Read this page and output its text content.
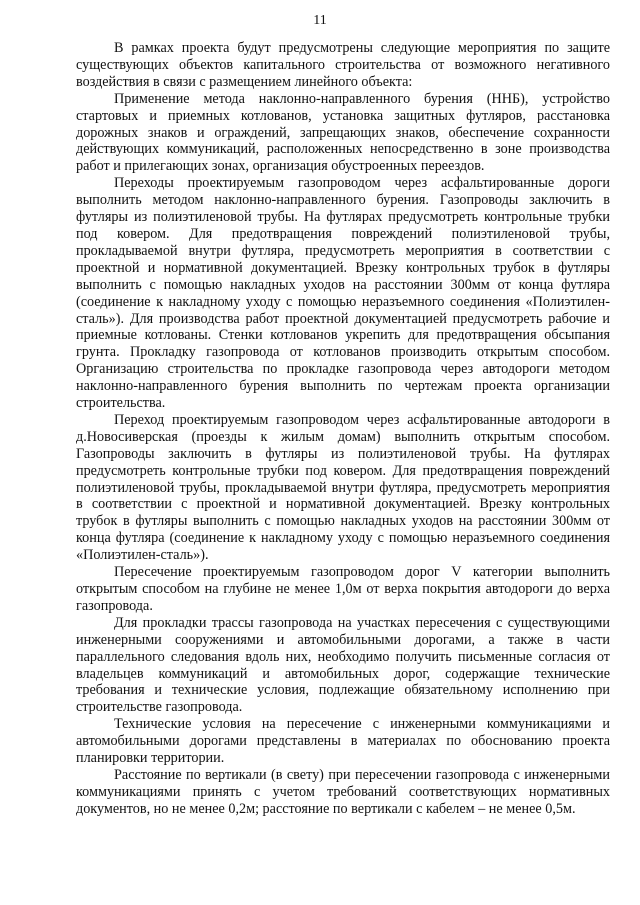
11

В рамках проекта будут предусмотрены следующие мероприятия по защите существующих объектов капитального строительства от возможного негативного воздействия в связи с размещением линейного объекта:

Применение метода наклонно-направленного бурения (ННБ), устройство стартовых и приемных котлованов, установка защитных футляров, расстановка дорожных знаков и ограждений, запрещающих знаков, обеспечение сохранности действующих коммуникаций, расположенных непосредственно в зоне производства работ и прилегающих зонах, организация обустроенных переездов.

Переходы проектируемым газопроводом через асфальтированные дороги выполнить методом наклонно-направленного бурения. Газопроводы заключить в футляры из полиэтиленовой трубы. На футлярах предусмотреть контрольные трубки под ковером. Для предотвращения повреждений полиэтиленовой трубы, прокладываемой внутри футляра, предусмотреть мероприятия в соответствии с проектной и нормативной документацией. Врезку контрольных трубок в футляры выполнить с помощью накладных уходов на расстоянии 300мм от конца футляра (соединение к накладному уходу с помощью неразъемного соединения «Полиэтилен-сталь»). Для производства работ проектной документацией предусмотреть рабочие и приемные котлованы. Стенки котлованов укрепить для предотвращения обсыпания грунта. Прокладку газопровода от котлованов производить открытым способом. Организацию строительства по прокладке газопровода через автодороги методом наклонно-направленного бурения выполнить по чертежам проекта организации строительства.

Переход проектируемым газопроводом через асфальтированные автодороги в д.Новосиверская (проезды к жилым домам) выполнить открытым способом. Газопроводы заключить в футляры из полиэтиленовой трубы. На футлярах предусмотреть контрольные трубки под ковером. Для предотвращения повреждений полиэтиленовой трубы, прокладываемой внутри футляра, предусмотреть мероприятия в соответствии с проектной и нормативной документацией. Врезку контрольных трубок в футляры выполнить с помощью накладных уходов на расстоянии 300мм от конца футляра (соединение к накладному уходу с помощью неразъемного соединения «Полиэтилен-сталь»).

Пересечение проектируемым газопроводом дорог V категории выполнить открытым способом на глубине не менее 1,0м от верха покрытия автодороги до верха газопровода.

Для прокладки трассы газопровода на участках пересечения с существующими инженерными сооружениями и автомобильными дорогами, а также в части параллельного следования вдоль них, необходимо получить письменные согласия от владельцев коммуникаций и автомобильных дорог, содержащие технические требования и технические условия, подлежащие обязательному исполнению при строительстве газопровода.

Технические условия на пересечение с инженерными коммуникациями и автомобильными дорогами представлены в материалах по обоснованию проекта планировки территории.

Расстояние по вертикали (в свету) при пересечении газопровода с инженерными коммуникациями принять с учетом требований соответствующих нормативных документов, но не менее 0,2м; расстояние по вертикали с кабелем – не менее 0,5м.
